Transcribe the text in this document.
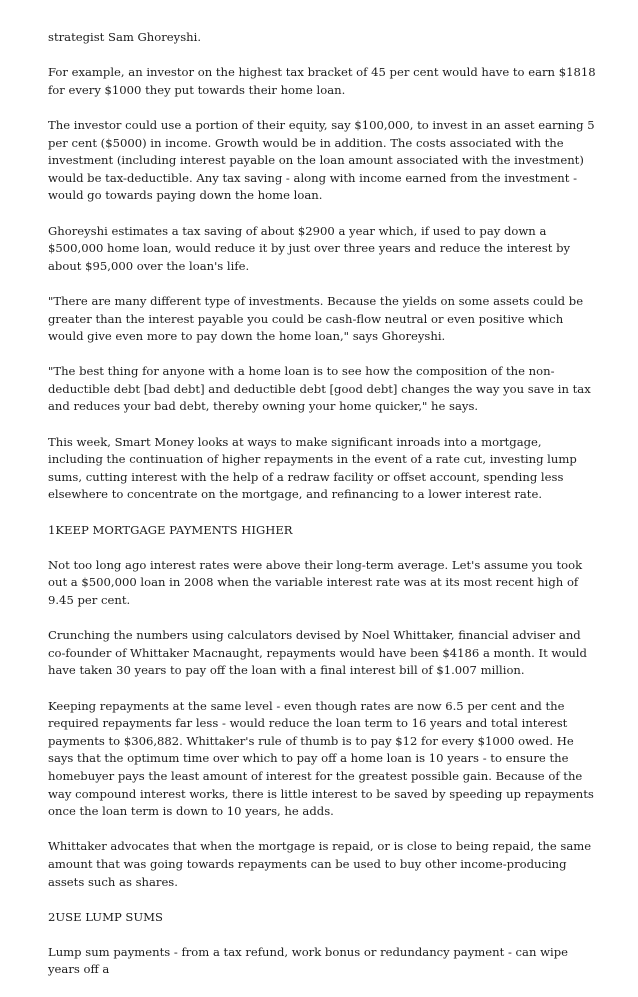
strategist Sam Ghoreyshi.

For example, an investor on the highest tax bracket of 45 per cent would have to earn $1818 for every $1000 they put towards their home loan.

The investor could use a portion of their equity, say $100,000, to invest in an asset earning 5 per cent ($5000) in income. Growth would be in addition. The costs associated with the investment (including interest payable on the loan amount associated with the investment) would be tax-deductible. Any tax saving - along with income earned from the investment - would go towards paying down the home loan.

Ghoreyshi estimates a tax saving of about $2900 a year which, if used to pay down a $500,000 home loan, would reduce it by just over three years and reduce the interest by about $95,000 over the loan's life.

"There are many different type of investments. Because the yields on some assets could be greater than the interest payable you could be cash-flow neutral or even positive which would give even more to pay down the home loan," says Ghoreyshi.

"The best thing for anyone with a home loan is to see how the composition of the non-deductible debt [bad debt] and deductible debt [good debt] changes the way you save in tax and reduces your bad debt, thereby owning your home quicker," he says.

This week, Smart Money looks at ways to make significant inroads into a mortgage, including the continuation of higher repayments in the event of a rate cut, investing lump sums, cutting interest with the help of a redraw facility or offset account, spending less elsewhere to concentrate on the mortgage, and refinancing to a lower interest rate.

1KEEP MORTGAGE PAYMENTS HIGHER

Not too long ago interest rates were above their long-term average. Let's assume you took out a $500,000 loan in 2008 when the variable interest rate was at its most recent high of 9.45 per cent.

Crunching the numbers using calculators devised by Noel Whittaker, financial adviser and co-founder of Whittaker Macnaught, repayments would have been $4186 a month. It would have taken 30 years to pay off the loan with a final interest bill of $1.007 million.

Keeping repayments at the same level - even though rates are now 6.5 per cent and the required repayments far less - would reduce the loan term to 16 years and total interest payments to $306,882. Whittaker's rule of thumb is to pay $12 for every $1000 owed. He says that the optimum time over which to pay off a home loan is 10 years - to ensure the homebuyer pays the least amount of interest for the greatest possible gain. Because of the way compound interest works, there is little interest to be saved by speeding up repayments once the loan term is down to 10 years, he adds.

Whittaker advocates that when the mortgage is repaid, or is close to being repaid, the same amount that was going towards repayments can be used to buy other income-producing assets such as shares.

2USE LUMP SUMS

Lump sum payments - from a tax refund, work bonus or redundancy payment - can wipe years off a
